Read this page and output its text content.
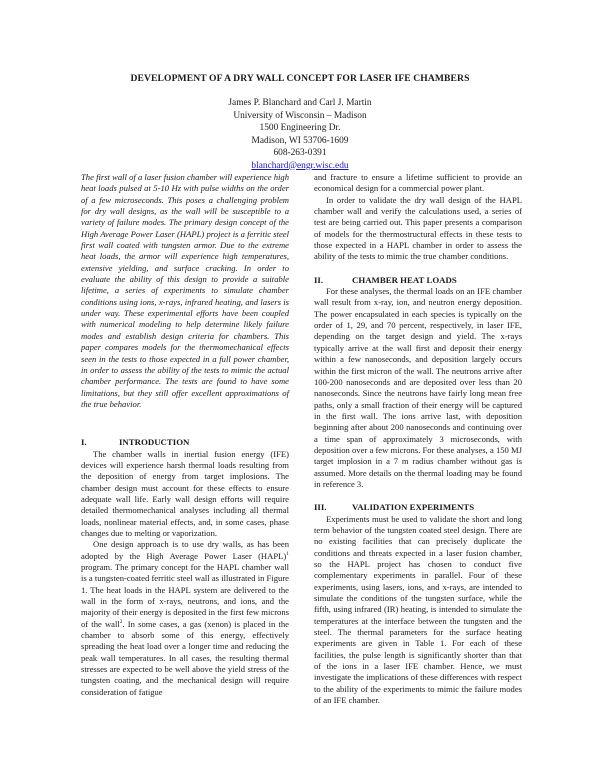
DEVELOPMENT OF A DRY WALL CONCEPT FOR LASER IFE CHAMBERS
James P. Blanchard and Carl J. Martin
University of Wisconsin – Madison
1500 Engineering Dr.
Madison, WI 53706-1609
608-263-0391
blanchard@engr.wisc.edu

The first wall of a laser fusion chamber will experience high heat loads pulsed at 5-10 Hz with pulse widths on the order of a few microseconds. This poses a challenging problem for dry wall designs, as the wall will be susceptible to a variety of failure modes. The primary design concept of the High Average Power Laser (HAPL) project is a ferritic steel first wall coated with tungsten armor. Due to the extreme heat loads, the armor will experience high temperatures, extensive yielding, and surface cracking. In order to evaluate the ability of this design to provide a suitable lifetime, a series of experiments to simulate chamber conditions using ions, x-rays, infrared heating, and lasers is under way. These experimental efforts have been coupled with numerical modeling to help determine likely failure modes and establish design criteria for chambers. This paper compares models for the thermomechanical effects seen in the tests to those expected in a full power chamber, in order to assess the ability of the tests to mimic the actual chamber performance. The tests are found to have some limitations, but they still offer excellent approximations of the true behavior.

I.	INTRODUCTION

The chamber walls in inertial fusion energy (IFE) devices will experience harsh thermal loads resulting from the deposition of energy from target implosions. The chamber design must account for these effects to ensure adequate wall life. Early wall design efforts will require detailed thermomechanical analyses including all thermal loads, nonlinear material effects, and, in some cases, phase changes due to melting or vaporization.

One design approach is to use dry walls, as has been adopted by the High Average Power Laser (HAPL)$^1$ program. The primary concept for the HAPL chamber wall is a tungsten-coated ferritic steel wall as illustrated in Figure 1. The heat loads in the HAPL system are delivered to the wall in the form of x-rays, neutrons, and ions, and the majority of their energy is deposited in the first few microns of the wall$^2$. In some cases, a gas (xenon) is placed in the chamber to absorb some of this energy, effectively spreading the heat load over a longer time and reducing the peak wall temperatures. In all cases, the resulting thermal stresses are expected to be well above the yield stress of the tungsten coating, and the mechanical design will require consideration of fatigue

and fracture to ensure a lifetime sufficient to provide an economical design for a commercial power plant.

In order to validate the dry wall design of the HAPL chamber wall and verify the calculations used, a series of test are being carried out. This paper presents a comparison of models for the thermostructural effects in these tests to those expected in a HAPL chamber in order to assess the ability of the tests to mimic the true chamber conditions.

II.	CHAMBER HEAT LOADS

For these analyses, the thermal loads on an IFE chamber wall result from x-ray, ion, and neutron energy deposition. The power encapsulated in each species is typically on the order of 1, 29, and 70 percent, respectively, in laser IFE, depending on the target design and yield. The x-rays typically arrive at the wall first and deposit their energy within a few nanoseconds, and deposition largely occurs within the first micron of the wall. The neutrons arrive after 100-200 nanoseconds and are deposited over less than 20 nanoseconds. Since the neutrons have fairly long mean free paths, only a small fraction of their energy will be captured in the first wall. The ions arrive last, with deposition beginning after about 200 nanoseconds and continuing over a time span of approximately 3 microseconds, with deposition over a few microns. For these analyses, a 150 MJ target implosion in a 7 m radius chamber without gas is assumed. More details on the thermal loading may be found in reference 3.

III.	VALIDATION EXPERIMENTS

Experiments must be used to validate the short and long term behavior of the tungsten coated steel design. There are no existing facilities that can precisely duplicate the conditions and threats expected in a laser fusion chamber, so the HAPL project has chosen to conduct five complementary experiments in parallel. Four of these experiments, using lasers, ions, and x-rays, are intended to simulate the conditions of the tungsten surface, while the fifth, using infrared (IR) heating, is intended to simulate the temperatures at the interface between the tungsten and the steel. The thermal parameters for the surface heating experiments are given in Table 1. For each of these facilities, the pulse length is significantly shorter than that of the ions in a laser IFE chamber. Hence, we must investigate the implications of these differences with respect to the ability of the experiments to mimic the failure modes of an IFE chamber.
